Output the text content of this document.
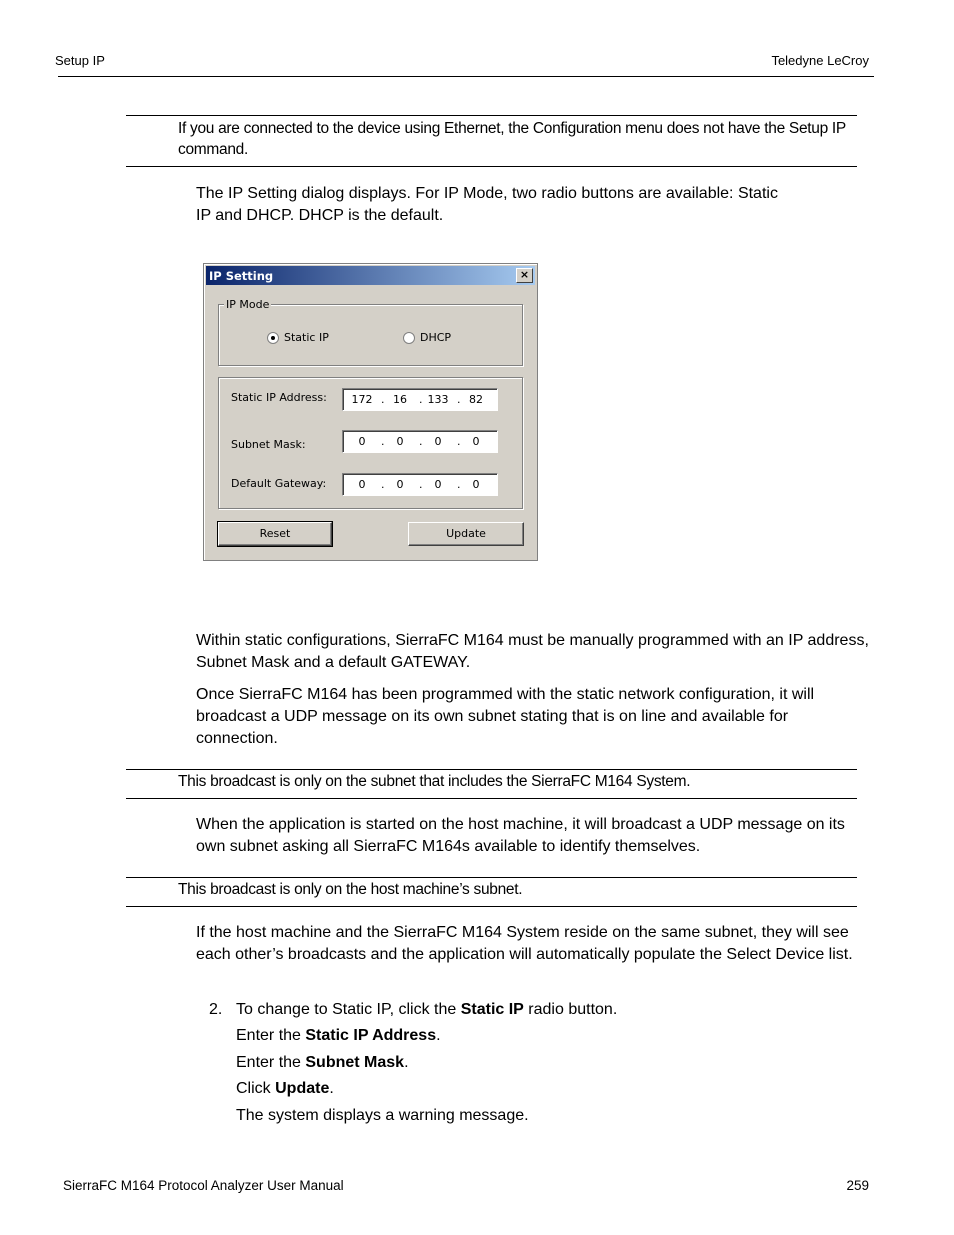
Setup IP	Teledyne LeCroy
If you are connected to the device using Ethernet, the Configuration menu does not have the Setup IP command.
The IP Setting dialog displays. For IP Mode, two radio buttons are available: Static IP and DHCP. DHCP is the default.
IP Setting	×
IP Mode
Static IP	DHCP
Static IP Address: 172 . 16	. 133 . 82
Subnet Mask:	0	.	0	.	0	.	0
Default Gateway:	0	.	0	.	0	.	0
Reset	Update
Within static configurations, SierraFC M164 must be manually programmed with an IP address, Subnet Mask and a default GATEWAY.
Once SierraFC M164 has been programmed with the static network configuration, it will broadcast a UDP message on its own subnet stating that is on line and available for connection.
This broadcast is only on the subnet that includes the SierraFC M164 System.
When the application is started on the host machine, it will broadcast a UDP message on its own subnet asking all SierraFC M164s available to identify themselves.
This broadcast is only on the host machine’s subnet.
If the host machine and the SierraFC M164 System reside on the same subnet, they will see each other’s broadcasts and the application will automatically populate the Select Device list.
2. To change to Static IP, click the Static IP radio button.
Enter the Static IP Address.
Enter the Subnet Mask.
Click Update.
The system displays a warning message.
SierraFC M164 Protocol Analyzer User Manual	259
